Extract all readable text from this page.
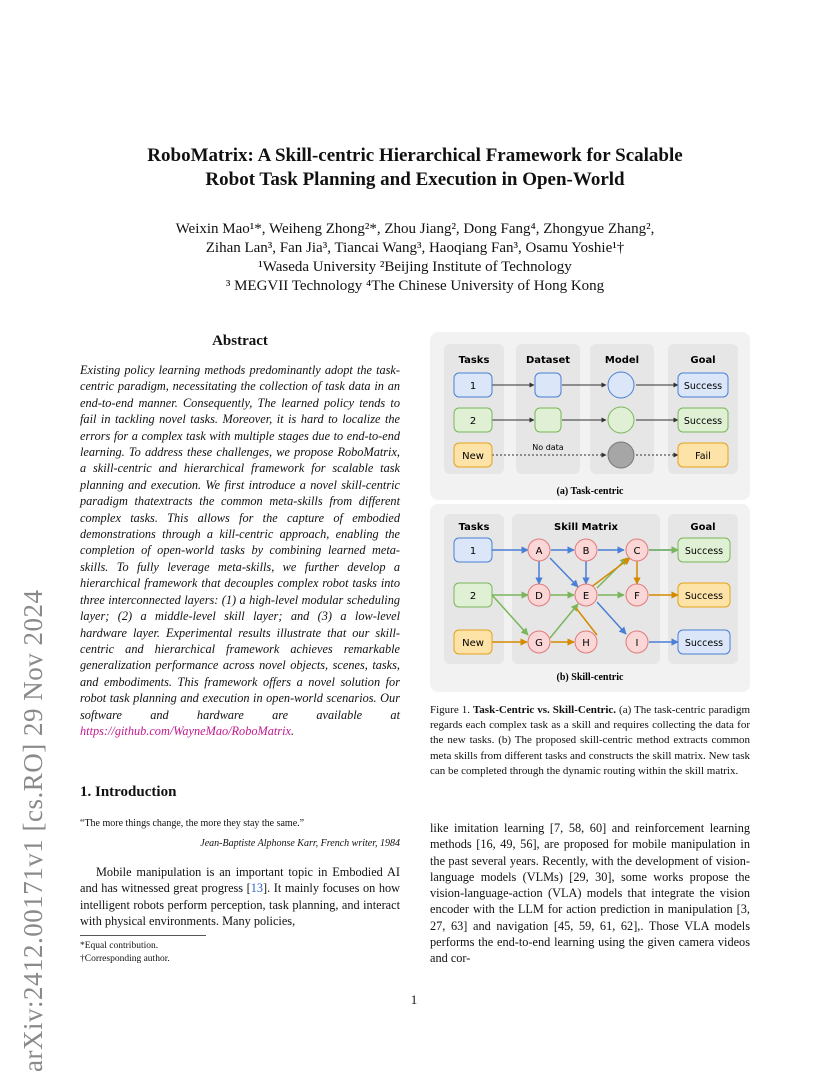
arXiv:2412.00171v1 [cs.RO] 29 Nov 2024
RoboMatrix: A Skill-centric Hierarchical Framework for Scalable
Robot Task Planning and Execution in Open-World
Weixin Mao¹*, Weiheng Zhong²*, Zhou Jiang², Dong Fang⁴, Zhongyue Zhang²,
Zihan Lan³, Fan Jia³, Tiancai Wang³, Haoqiang Fan³, Osamu Yoshie¹†
¹Waseda University ²Beijing Institute of Technology
³ MEGVII Technology ⁴The Chinese University of Hong Kong
Abstract
Existing policy learning methods predominantly adopt the task-centric paradigm, necessitating the collection of task data in an end-to-end manner. Consequently, The learned policy tends to fail in tackling novel tasks. Moreover, it is hard to localize the errors for a complex task with multiple stages due to end-to-end learning. To address these challenges, we propose RoboMatrix, a skill-centric and hierarchical framework for scalable task planning and execution. We first introduce a novel skill-centric paradigm thatextracts the common meta-skills from different complex tasks. This allows for the capture of embodied demonstrations through a kill-centric approach, enabling the completion of open-world tasks by combining learned meta-skills. To fully leverage meta-skills, we further develop a hierarchical framework that decouples complex robot tasks into three interconnected layers: (1) a high-level modular scheduling layer; (2) a middle-level skill layer; and (3) a low-level hardware layer. Experimental results illustrate that our skill-centric and hierarchical framework achieves remarkable generalization performance across novel objects, scenes, tasks, and embodiments. This framework offers a novel solution for robot task planning and execution in open-world scenarios. Our software and hardware are available at https://github.com/WayneMao/RoboMatrix.
1. Introduction
“The more things change, the more they stay the same.”
Jean-Baptiste Alphonse Karr, French writer, 1984
Mobile manipulation is an important topic in Embodied AI and has witnessed great progress [13]. It mainly focuses on how intelligent robots perform perception, task planning, and interact with physical environments. Many policies,
*Equal contribution.
†Corresponding author.
Tasks	Dataset	Model	Goal
1	Success
2	Success
No data
New	Fail
(a) Task-centric
Tasks	Skill Matrix	Goal
1
2
New
A	B	C
D	E	F
G	H	I
Success
Success
Success
(b) Skill-centric
Figure 1. Task-Centric vs. Skill-Centric. (a) The task-centric paradigm regards each complex task as a skill and requires collecting the data for the new tasks. (b) The proposed skill-centric method extracts common meta skills from different tasks and constructs the skill matrix. New task can be completed through the dynamic routing within the skill matrix.
like imitation learning [7, 58, 60] and reinforcement learning methods [16, 49, 56], are proposed for mobile manipulation in the past several years. Recently, with the development of vision-language models (VLMs) [29, 30], some works propose the vision-language-action (VLA) models that integrate the vision encoder with the LLM for action prediction in manipulation [3, 27, 63] and navigation [45, 59, 61, 62],. Those VLA models performs the end-to-end learning using the given camera videos and cor-
1
